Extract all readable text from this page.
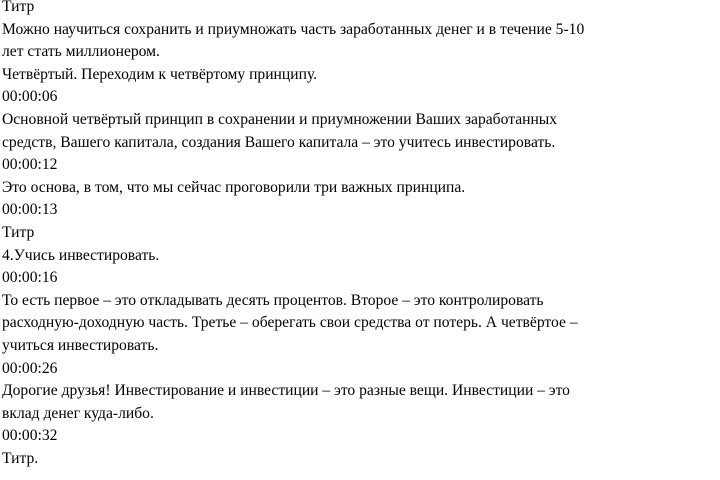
Титр
Можно научиться сохранить и приумножать часть заработанных денег и в течение 5-10
лет стать миллионером.
Четвёртый. Переходим к четвёртому принципу.
00:00:06
Основной четвёртый принцип в сохранении и приумножении Ваших заработанных
средств, Вашего капитала, создания Вашего капитала – это учитесь инвестировать.
00:00:12
Это основа, в том, что мы сейчас проговорили три важных принципа.
00:00:13
Титр
4.Учись инвестировать.
00:00:16
То есть первое – это откладывать десять процентов. Второе – это контролировать
расходную-доходную часть. Третье – оберегать свои средства от потерь. А четвёртое –
учиться инвестировать.
00:00:26
Дорогие друзья! Инвестирование и инвестиции – это разные вещи. Инвестиции – это
вклад денег куда-либо.
00:00:32
Титр.
